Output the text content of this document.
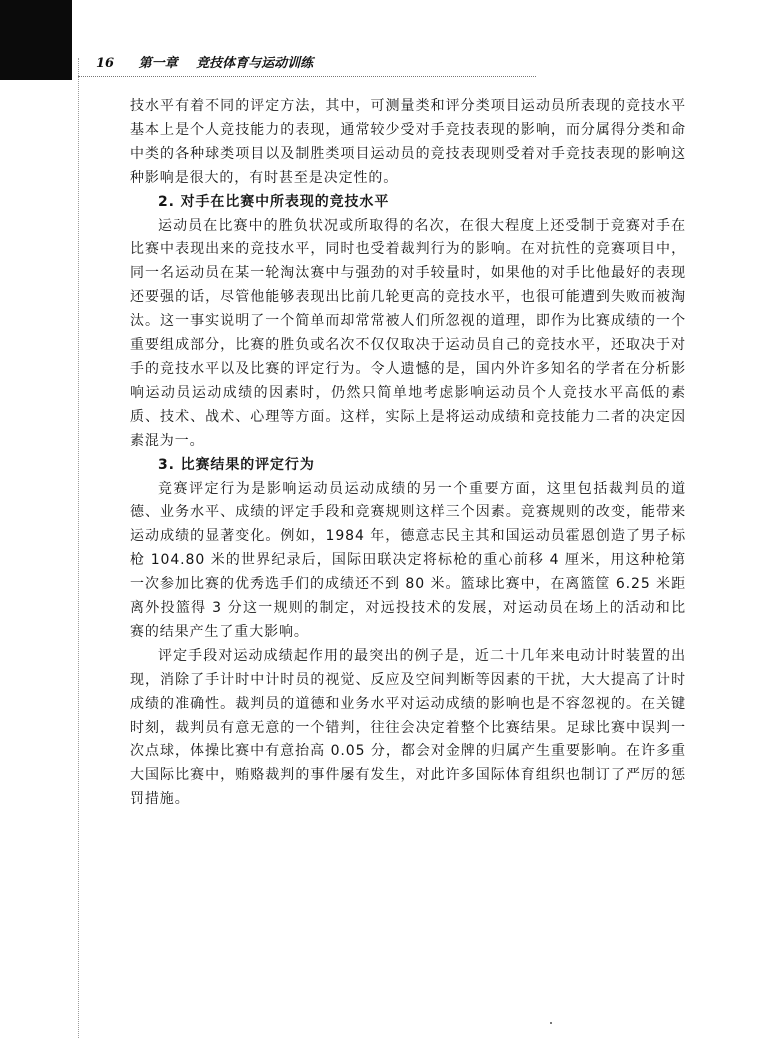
16 第一章 竞技体育与运动训练

技水平有着不同的评定方法，其中，可测量类和评分类项目运动员所表现的竞技水平基本上是个人竞技能力的表现，通常较少受对手竞技表现的影响，而分属得分类和命中类的各种球类项目以及制胜类项目运动员的竞技表现则受着对手竞技表现的影响这种影响是很大的，有时甚至是决定性的。

2. 对手在比赛中所表现的竞技水平

运动员在比赛中的胜负状况或所取得的名次，在很大程度上还受制于竞赛对手在比赛中表现出来的竞技水平，同时也受着裁判行为的影响。在对抗性的竞赛项目中，同一名运动员在某一轮淘汰赛中与强劲的对手较量时，如果他的对手比他最好的表现还要强的话，尽管他能够表现出比前几轮更高的竞技水平，也很可能遭到失败而被淘汰。这一事实说明了一个简单而却常常被人们所忽视的道理，即作为比赛成绩的一个重要组成部分，比赛的胜负或名次不仅仅取决于运动员自己的竞技水平，还取决于对手的竞技水平以及比赛的评定行为。令人遗憾的是，国内外许多知名的学者在分析影响运动员运动成绩的因素时，仍然只简单地考虑影响运动员个人竞技水平高低的素质、技术、战术、心理等方面。这样，实际上是将运动成绩和竞技能力二者的决定因素混为一。

3. 比赛结果的评定行为

竞赛评定行为是影响运动员运动成绩的另一个重要方面，这里包括裁判员的道德、业务水平、成绩的评定手段和竞赛规则这样三个因素。竞赛规则的改变，能带来运动成绩的显著变化。例如，1984 年，德意志民主其和国运动员霍恩创造了男子标枪 104.80 米的世界纪录后，国际田联决定将标枪的重心前移 4 厘米，用这种枪第一次参加比赛的优秀选手们的成绩还不到 80 米。篮球比赛中，在离篮筐 6.25 米距离外投篮得 3 分这一规则的制定，对远投技术的发展，对运动员在场上的活动和比赛的结果产生了重大影响。

评定手段对运动成绩起作用的最突出的例子是，近二十几年来电动计时装置的出现，消除了手计时中计时员的视觉、反应及空间判断等因素的干扰，大大提高了计时成绩的准确性。裁判员的道德和业务水平对运动成绩的影响也是不容忽视的。在关键时刻，裁判员有意无意的一个错判，往往会决定着整个比赛结果。足球比赛中误判一次点球，体操比赛中有意抬高 0.05 分，都会对金牌的归属产生重要影响。在许多重大国际比赛中，贿赂裁判的事件屡有发生，对此许多国际体育组织也制订了严厉的惩罚措施。
